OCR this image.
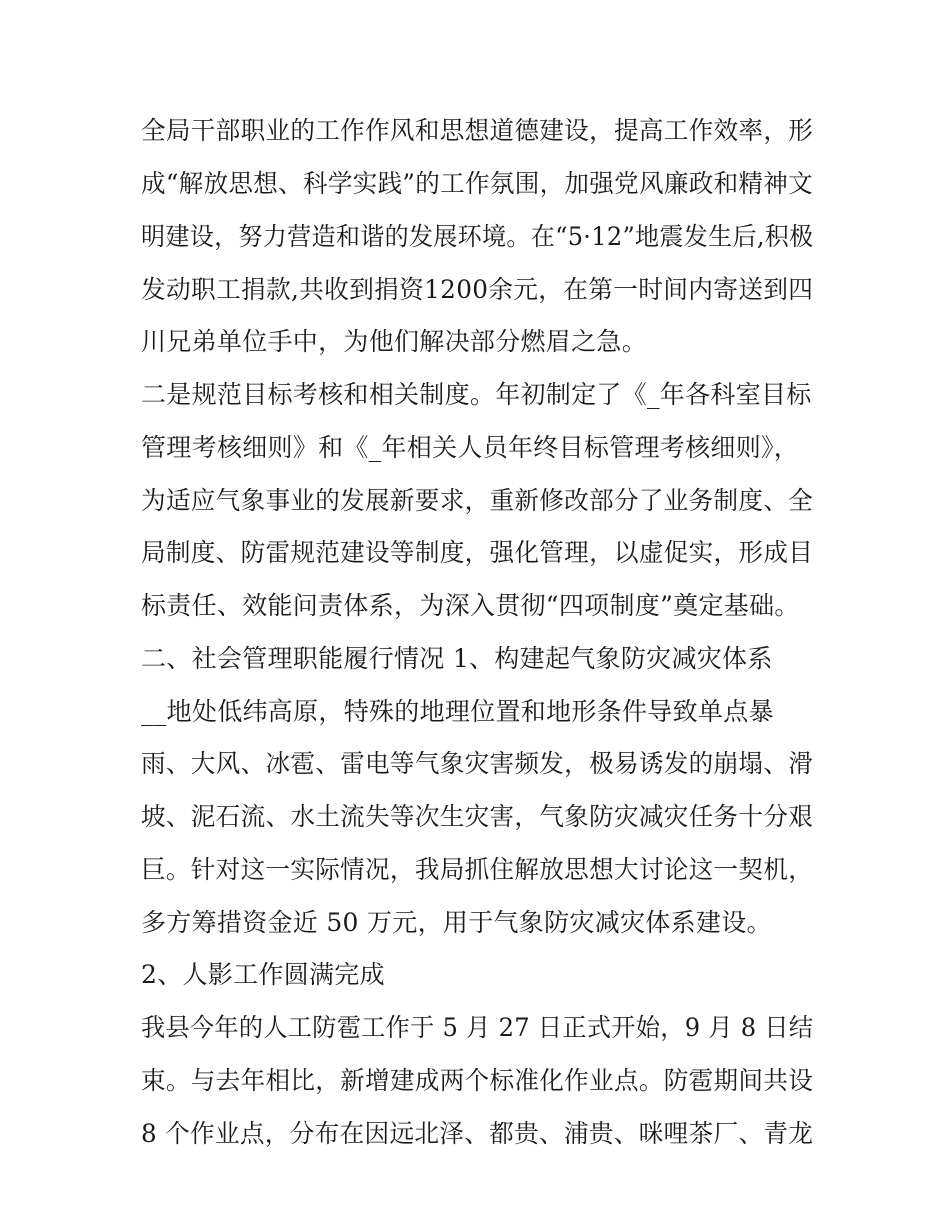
全局干部职业的工作作风和思想道德建设，提高工作效率，形
成“解放思想、科学实践”的工作氛围，加强党风廉政和精神文
明建设，努力营造和谐的发展环境。在“5·12”地震发生后,积极
发动职工捐款,共收到捐资1200余元，在第一时间内寄送到四
川兄弟单位手中，为他们解决部分燃眉之急。
二是规范目标考核和相关制度。年初制定了《_年各科室目标
管理考核细则》和《_年相关人员年终目标管理考核细则》，
为适应气象事业的发展新要求，重新修改部分了业务制度、全
局制度、防雷规范建设等制度，强化管理，以虚促实，形成目
标责任、效能问责体系，为深入贯彻“四项制度”奠定基础。
二、社会管理职能履行情况 1、构建起气象防灾减灾体系
__地处低纬高原，特殊的地理位置和地形条件导致单点暴
雨、大风、冰雹、雷电等气象灾害频发，极易诱发的崩塌、滑
坡、泥石流、水土流失等次生灾害，气象防灾减灾任务十分艰
巨。针对这一实际情况，我局抓住解放思想大讨论这一契机，
多方筹措资金近 50 万元，用于气象防灾减灾体系建设。
2、人影工作圆满完成
我县今年的人工防雹工作于 5 月 27 日正式开始，9 月 8 日结
束。与去年相比，新增建成两个标准化作业点。防雹期间共设
8 个作业点，分布在因远北泽、都贵、浦贵、咪哩茶厂、青龙
